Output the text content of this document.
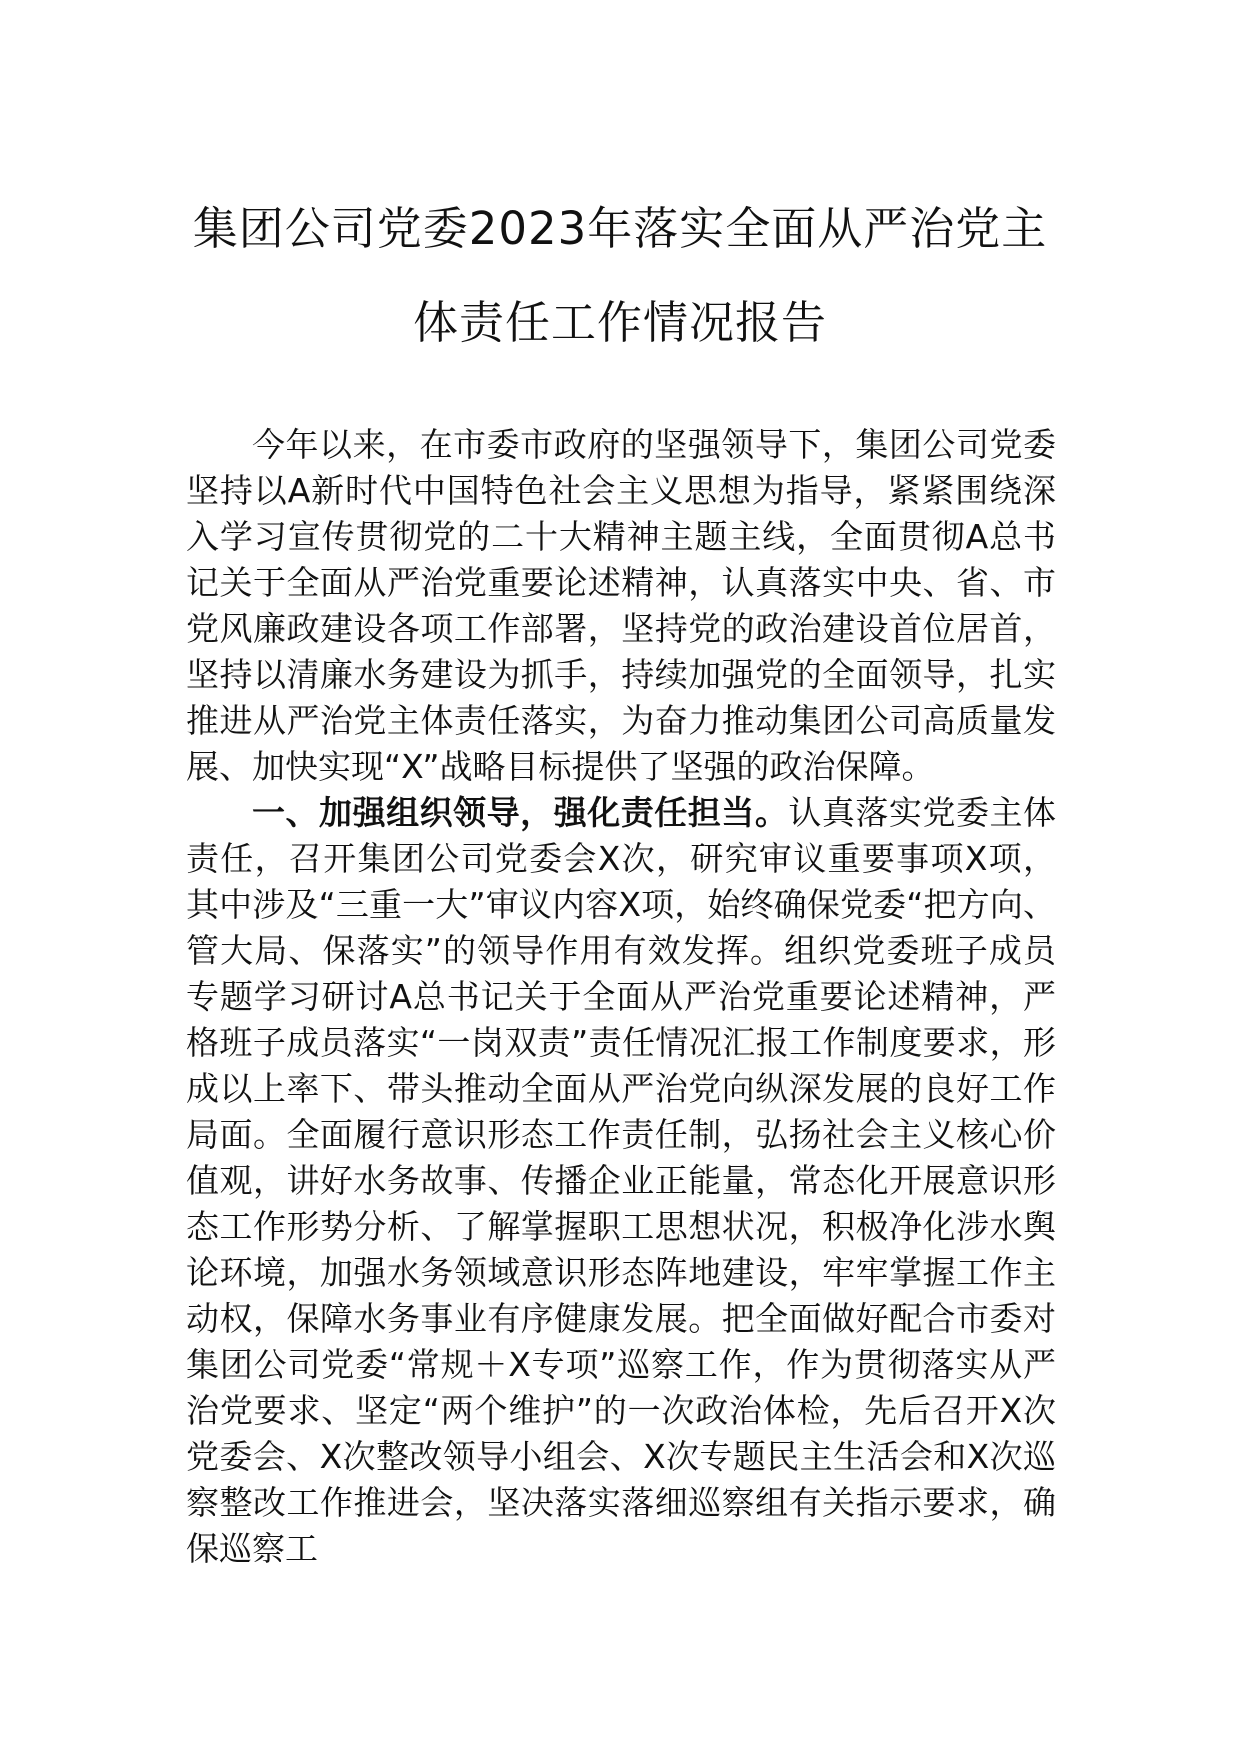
集团公司党委2023年落实全面从严治党主
体责任工作情况报告

今年以来，在市委市政府的坚强领导下，集团公司党委坚持以A新时代中国特色社会主义思想为指导，紧紧围绕深入学习宣传贯彻党的二十大精神主题主线，全面贯彻A总书记关于全面从严治党重要论述精神，认真落实中央、省、市党风廉政建设各项工作部署，坚持党的政治建设首位居首，坚持以清廉水务建设为抓手，持续加强党的全面领导，扎实推进从严治党主体责任落实，为奋力推动集团公司高质量发展、加快实现“X”战略目标提供了坚强的政治保障。

一、加强组织领导，强化责任担当。认真落实党委主体责任，召开集团公司党委会X次，研究审议重要事项X项，其中涉及“三重一大”审议内容X项，始终确保党委“把方向、管大局、保落实”的领导作用有效发挥。组织党委班子成员专题学习研讨A总书记关于全面从严治党重要论述精神，严格班子成员落实“一岗双责”责任情况汇报工作制度要求，形成以上率下、带头推动全面从严治党向纵深发展的良好工作局面。全面履行意识形态工作责任制，弘扬社会主义核心价值观，讲好水务故事、传播企业正能量，常态化开展意识形态工作形势分析、了解掌握职工思想状况，积极净化涉水舆论环境，加强水务领域意识形态阵地建设，牢牢掌握工作主动权，保障水务事业有序健康发展。把全面做好配合市委对集团公司党委“常规＋X专项”巡察工作，作为贯彻落实从严治党要求、坚定“两个维护”的一次政治体检，先后召开X次党委会、X次整改领导小组会、X次专题民主生活会和X次巡察整改工作推进会，坚决落实落细巡察组有关指示要求，确保巡察工
